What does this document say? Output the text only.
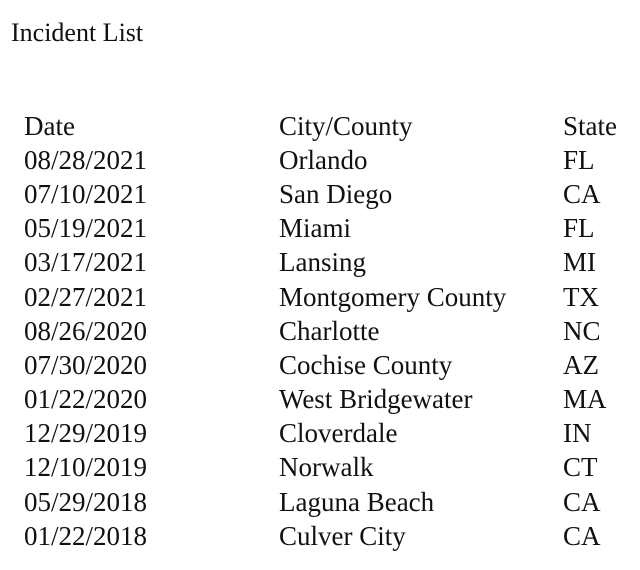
Incident List
Date	City/County	State
08/28/2021	Orlando	FL
07/10/2021	San Diego	CA
05/19/2021	Miami	FL
03/17/2021	Lansing	MI
02/27/2021	Montgomery County	TX
08/26/2020	Charlotte	NC
07/30/2020	Cochise County	AZ
01/22/2020	West Bridgewater	MA
12/29/2019	Cloverdale	IN
12/10/2019	Norwalk	CT
05/29/2018	Laguna Beach	CA
01/22/2018	Culver City	CA
